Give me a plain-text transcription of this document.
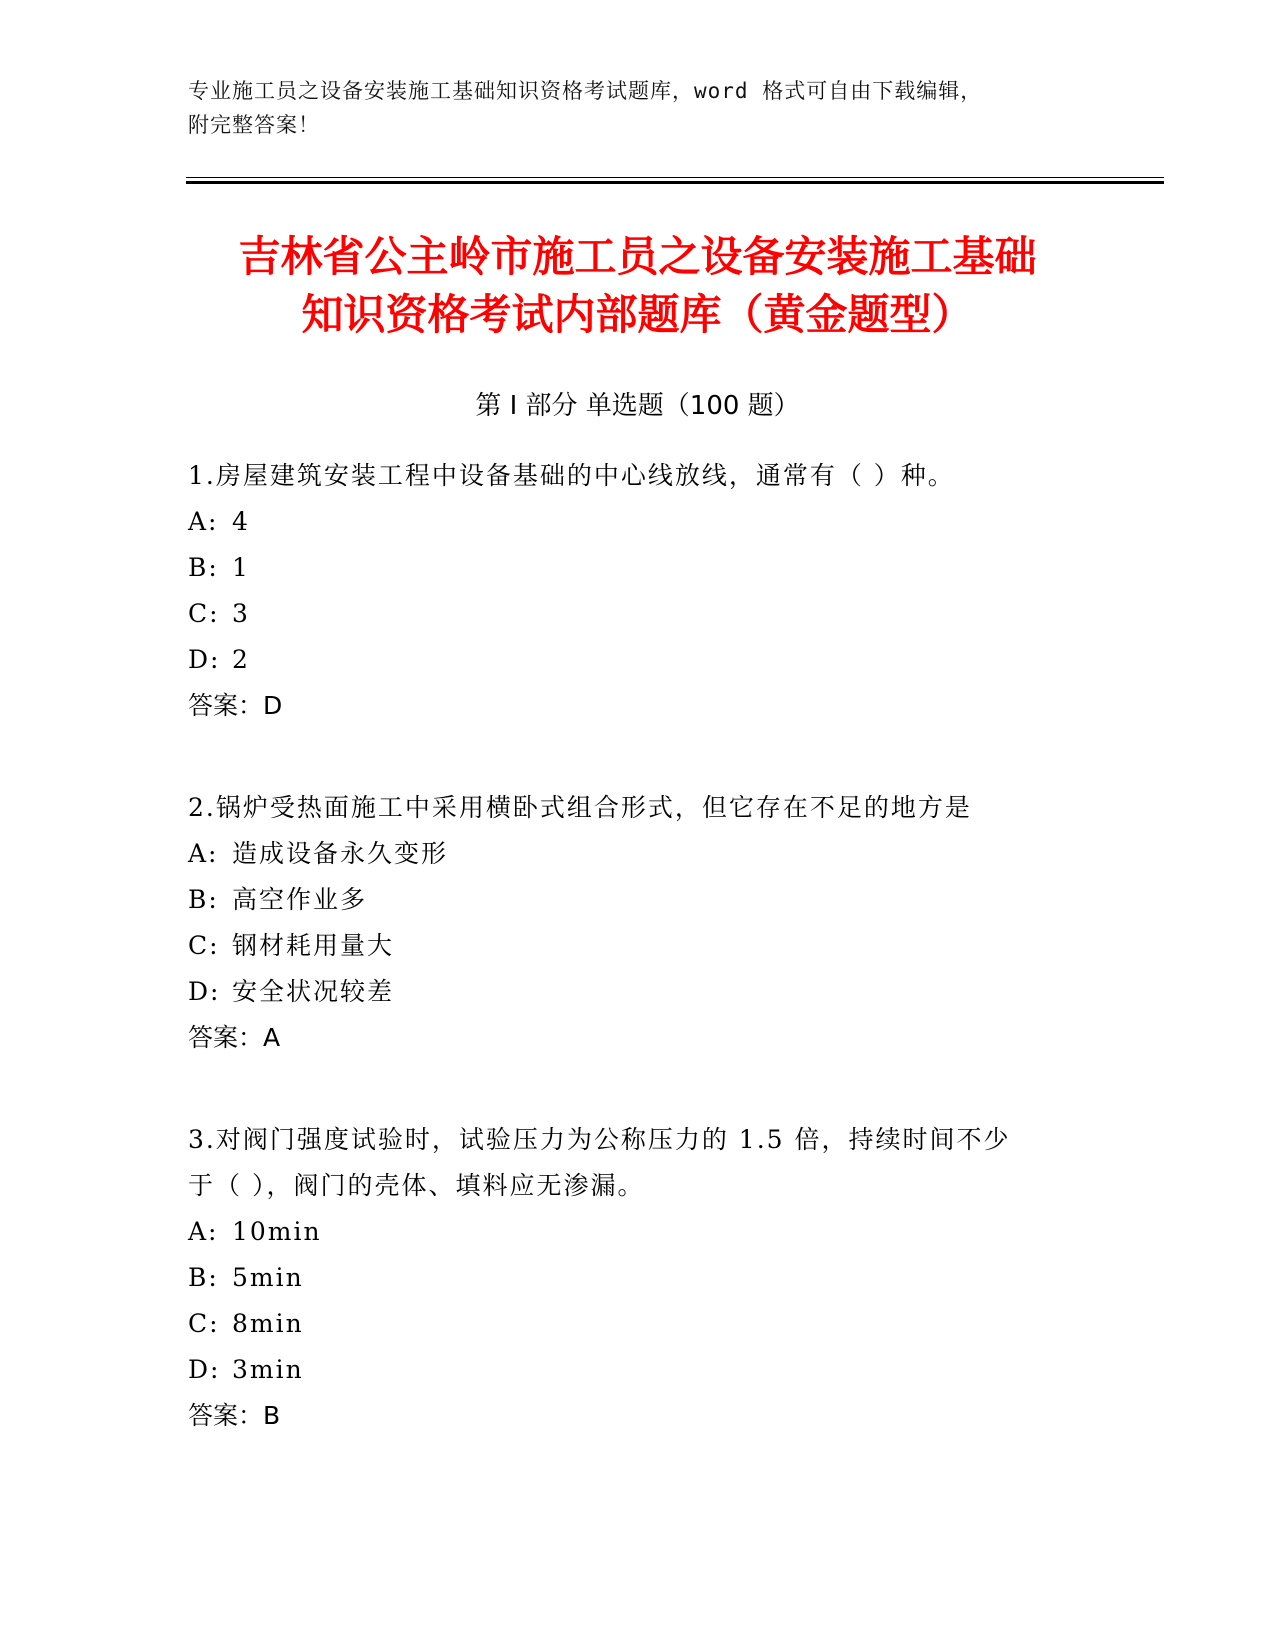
专业施工员之设备安装施工基础知识资格考试题库，word 格式可自由下载编辑，
附完整答案！
吉林省公主岭市施工员之设备安装施工基础
知识资格考试内部题库（黄金题型）
第 I 部分 单选题（100 题）

1.房屋建筑安装工程中设备基础的中心线放线，通常有（ ）种。

A: 4

B: 1

C: 3

D: 2

答案：D

2.锅炉受热面施工中采用横卧式组合形式，但它存在不足的地方是

A: 造成设备永久变形

B: 高空作业多

C: 钢材耗用量大

D: 安全状况较差

答案：A

3.对阀门强度试验时，试验压力为公称压力的 1.5 倍，持续时间不少

于（ ），阀门的壳体、填料应无渗漏。

A: 10min

B: 5min

C: 8min

D: 3min

答案：B
